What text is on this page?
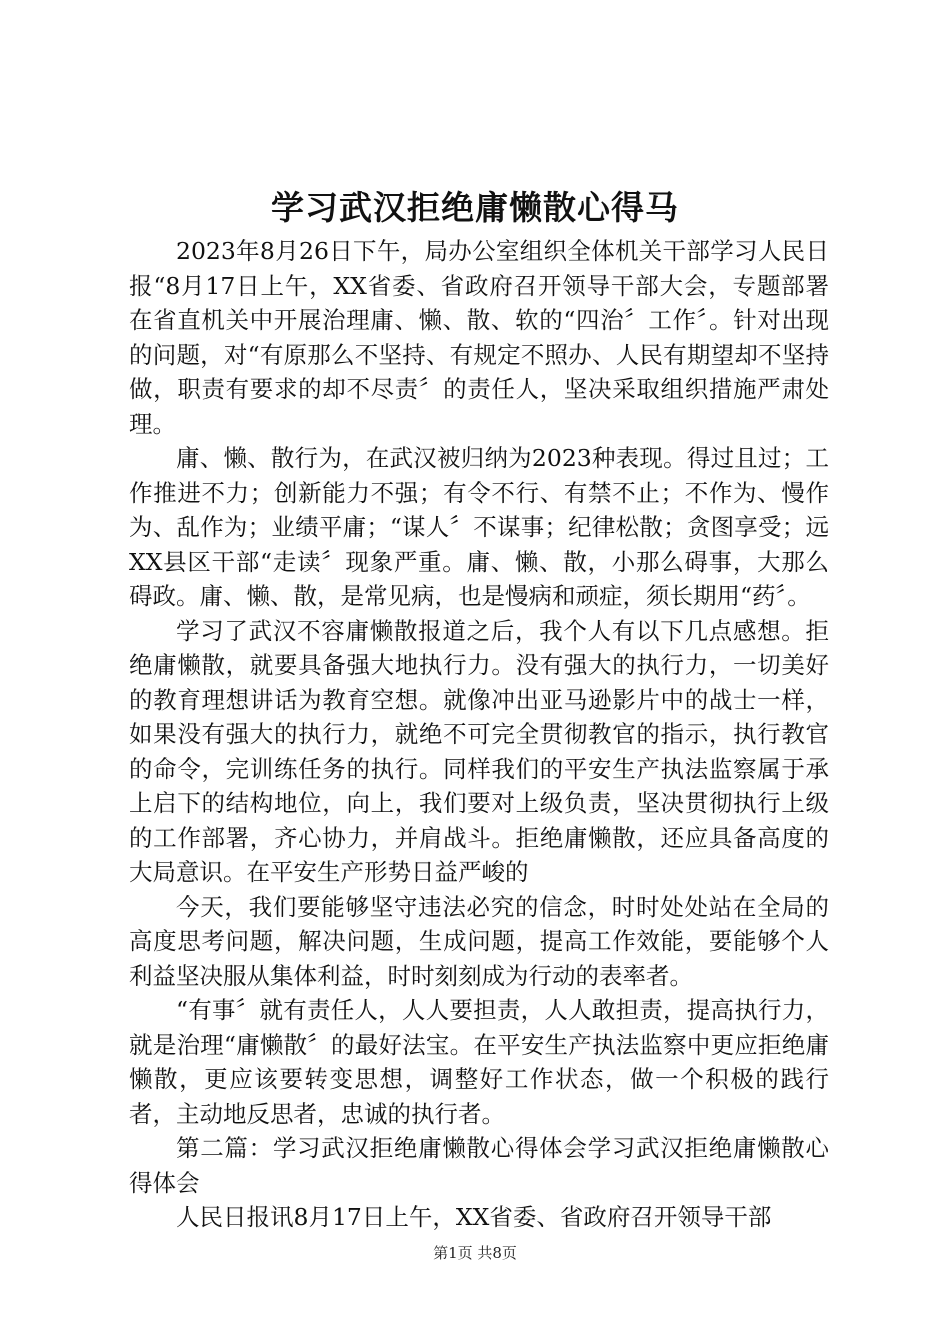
学习武汉拒绝庸懒散心得马

2023年8月26日下午，局办公室组织全体机关干部学习人民日报“8月17日上午，XX省委、省政府召开领导干部大会，专题部署在省直机关中开展治理庸、懒、散、软的“四治〞工作〞。针对出现的问题，对“有原那么不坚持、有规定不照办、人民有期望却不坚持做，职责有要求的却不尽责〞的责任人，坚决采取组织措施严肃处理。

庸、懒、散行为，在武汉被归纳为2023种表现。得过且过；工作推进不力；创新能力不强；有令不行、有禁不止；不作为、慢作为、乱作为；业绩平庸；“谋人〞不谋事；纪律松散；贪图享受；远XX县区干部“走读〞现象严重。庸、懒、散，小那么碍事，大那么碍政。庸、懒、散，是常见病，也是慢病和顽症，须长期用“药〞。

学习了武汉不容庸懒散报道之后，我个人有以下几点感想。拒绝庸懒散，就要具备强大地执行力。没有强大的执行力，一切美好的教育理想讲话为教育空想。就像冲出亚马逊影片中的战士一样，如果没有强大的执行力，就绝不可完全贯彻教官的指示，执行教官的命令，完训练任务的执行。同样我们的平安生产执法监察属于承上启下的结构地位，向上，我们要对上级负责，坚决贯彻执行上级的工作部署，齐心协力，并肩战斗。拒绝庸懒散，还应具备高度的大局意识。在平安生产形势日益严峻的

今天，我们要能够坚守违法必究的信念，时时处处站在全局的高度思考问题，解决问题，生成问题，提高工作效能，要能够个人利益坚决服从集体利益，时时刻刻成为行动的表率者。

“有事〞就有责任人，人人要担责，人人敢担责，提高执行力，就是治理“庸懒散〞的最好法宝。在平安生产执法监察中更应拒绝庸懒散，更应该要转变思想，调整好工作状态，做一个积极的践行者，主动地反思者，忠诚的执行者。

第二篇：学习武汉拒绝庸懒散心得体会学习武汉拒绝庸懒散心得体会

人民日报讯8月17日上午，XX省委、省政府召开领导干部

第1页 共8页
